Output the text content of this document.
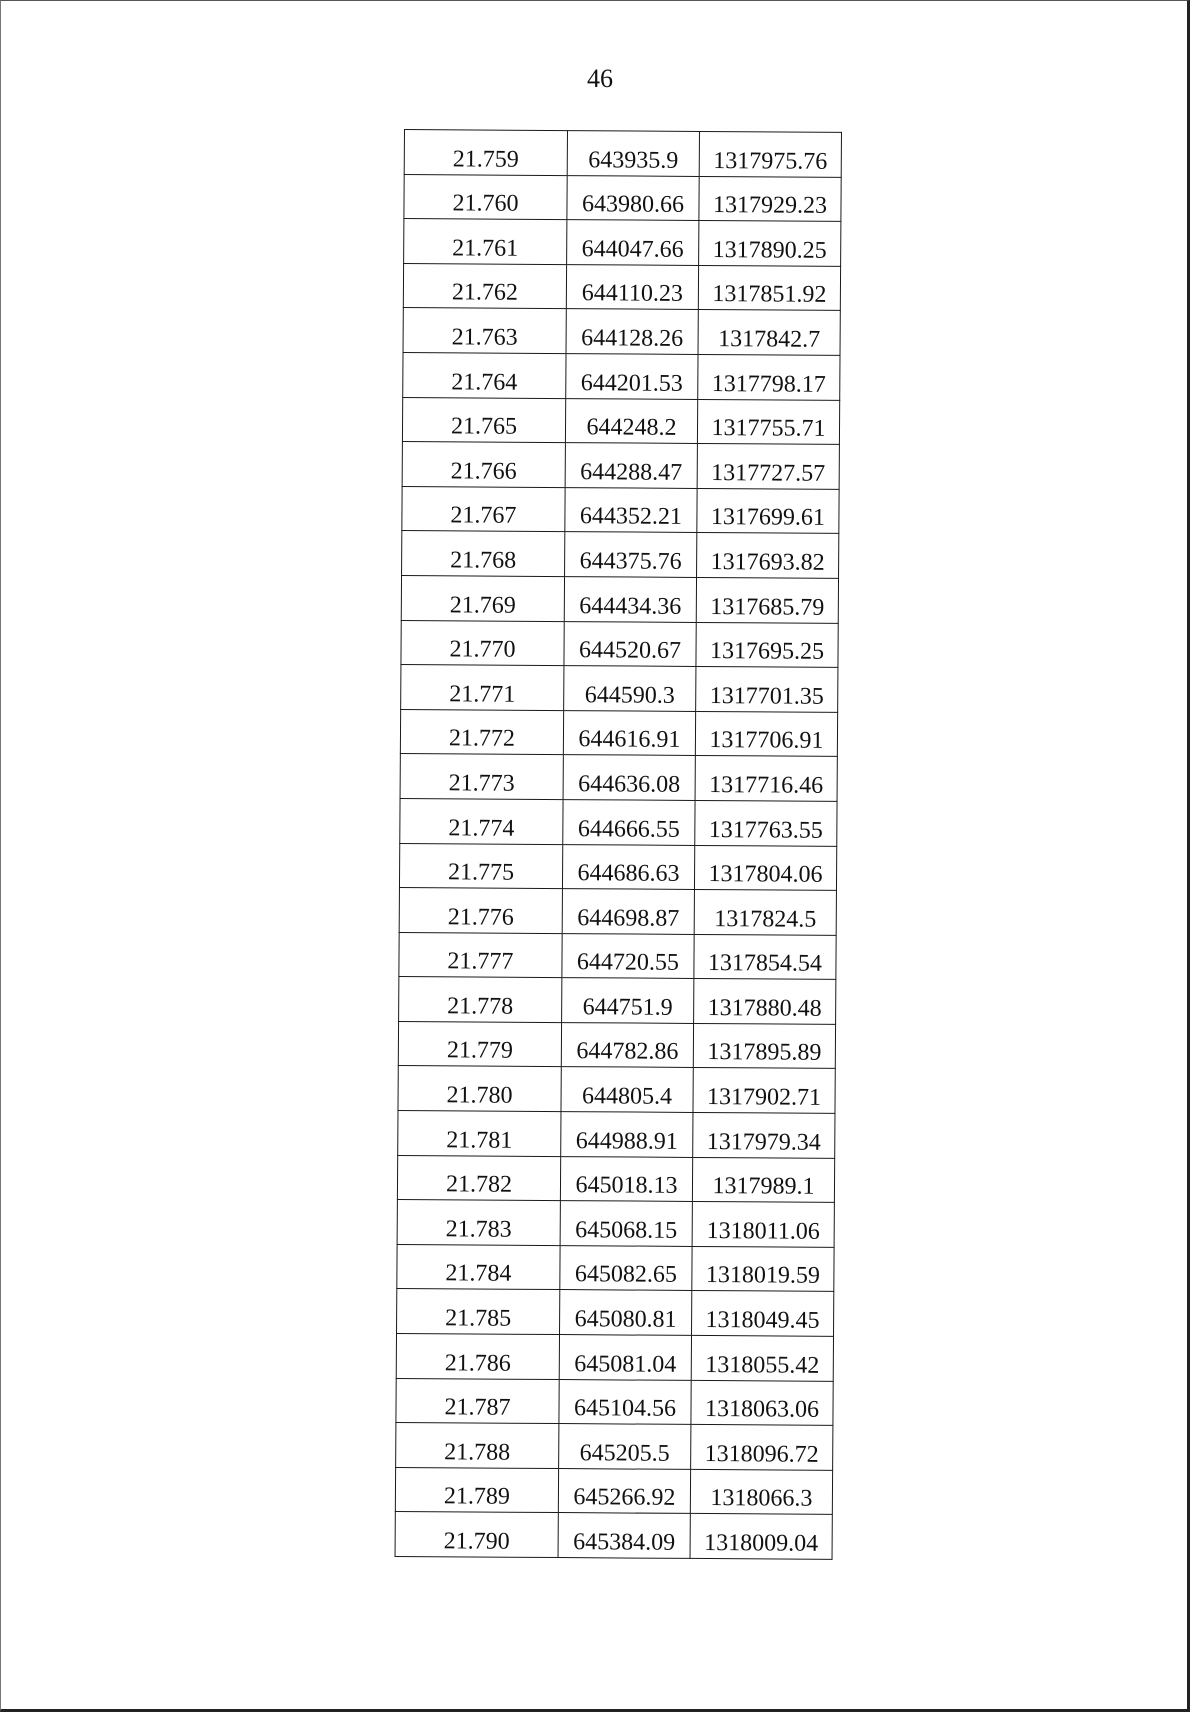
46
21.759	643935.9	1317975.76
21.760	643980.66	1317929.23
21.761	644047.66	1317890.25
21.762	644110.23	1317851.92
21.763	644128.26	1317842.7
21.764	644201.53	1317798.17
21.765	644248.2	1317755.71
21.766	644288.47	1317727.57
21.767	644352.21	1317699.61
21.768	644375.76	1317693.82
21.769	644434.36	1317685.79
21.770	644520.67	1317695.25
21.771	644590.3	1317701.35
21.772	644616.91	1317706.91
21.773	644636.08	1317716.46
21.774	644666.55	1317763.55
21.775	644686.63	1317804.06
21.776	644698.87	1317824.5
21.777	644720.55	1317854.54
21.778	644751.9	1317880.48
21.779	644782.86	1317895.89
21.780	644805.4	1317902.71
21.781	644988.91	1317979.34
21.782	645018.13	1317989.1
21.783	645068.15	1318011.06
21.784	645082.65	1318019.59
21.785	645080.81	1318049.45
21.786	645081.04	1318055.42
21.787	645104.56	1318063.06
21.788	645205.5	1318096.72
21.789	645266.92	1318066.3
21.790	645384.09	1318009.04
